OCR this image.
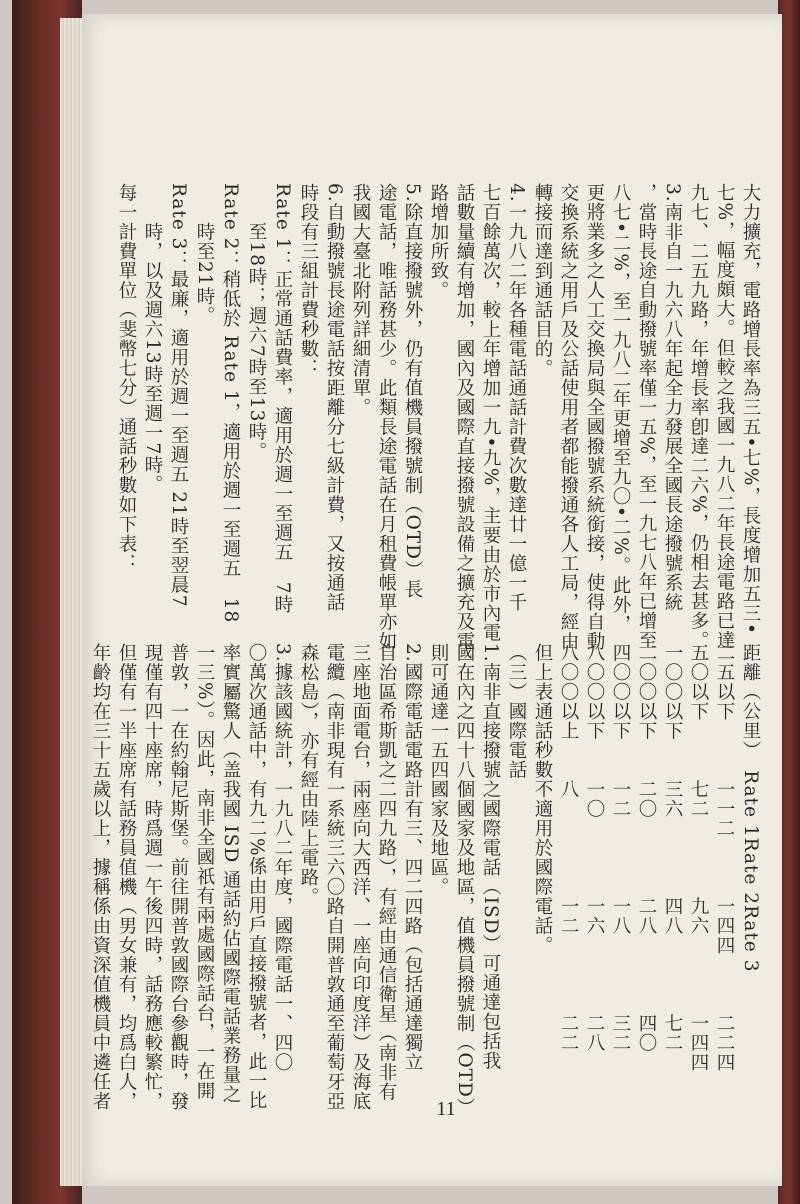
大力擴充，電路增長率為三五•七%，長度增加五三•
七%，幅度頗大。但較之我國一九八二年長途電路已達
九七、二五九路，年增長率卽達二六%，仍相去甚多。
3.南非自一九六八年起全力發展全國長途撥號系統
，當時長途自動撥號率僅一五%，至一九七八年已增至
八七•二%，至一九八二年更增至九〇•二%。此外，
更將業多之人工交換局與全國撥號系統銜接，使得自動
交換系統之用戶及公話使用者都能撥通各人工局，經由
轉接而達到通話目的。
4.一九八二年各種電話通話計費次數達廿一億一千
七百餘萬次，較上年增加一九•九%，主要由於市內電
話數量續有增加，國內及國際直接撥號設備之擴充及電
路增加所致。
5.除直接撥號外，仍有值機員撥號制（OTD）長
途電話，唯話務甚少。此類長途電話在月租費帳單亦如
我國大臺北附列詳細清單。
6.自動撥號長途電話按距離分七級計費，又按通話
時段有三組計費秒數：
Rate 1：正常通話費率，適用於週一至週五　7時
　　至18時；週六7時至13時。
Rate 2：稍低於 Rate 1，適用於週一至週五　18
　　時至21時。
Rate 3：最廉，適用於週一至週五 21時至翌晨7
　　時，以及週六13時至週一7時。
每一計費單位（斐幣七分）通話秒數如下表：
距離（公里）　Rate 1Rate 2Rate 3
二五以下　　　一一二　　　一四四　　　二二四　　　
五〇以下　　　七二　　　　九六　　　　一四四　　　
一〇〇以下　　三六　　　　四八　　　　七二　　　　
二〇〇以下　　二〇　　　　二八　　　　四〇　　　　
四〇〇以下　　一二　　　　一八　　　　三二　　　　
八〇〇以下　　一〇　　　　一六　　　　二八　　　　
八〇〇以上　　八　　　　　一二　　　　二二　　　　
但上表通話秒數不適用於國際電話。
（三）國際電話
1.南非直接撥號之國際電話（ISD）可通達包括我
國在內之四十八個國家及地區，值機員撥號制（OTD）
則可通達一五四國家及地區。
2.國際電話電路計有三、四二四路（包括通達獨立
自治區希斯凱之二四九路），有經由通信衛星（南非有
三座地面電台，兩座向大西洋、一座向印度洋）及海底
電纜（南非現有一系統三六〇路自開普敦通至葡萄牙亞
森松島），亦有經由陸上電路。
3.據該國統計，一九八二年度，國際電話一、四〇
〇萬次通話中，有九二%係由用戶直接撥號者，此一比
率實屬驚人（盖我國 ISD 通話約佔國際電話業務量之
一三%）。因此，南非全國祇有兩處國際話台，一在開
普敦，一在約翰尼斯堡。前往開普敦國際台參觀時，發
現僅有四十座席，時爲週一午後四時，話務應較繁忙，
但僅有一半座席有話務員值機（男女兼有，均爲白人，
年齡均在三十五歲以上，據稱係由資深值機員中遴任者	11
